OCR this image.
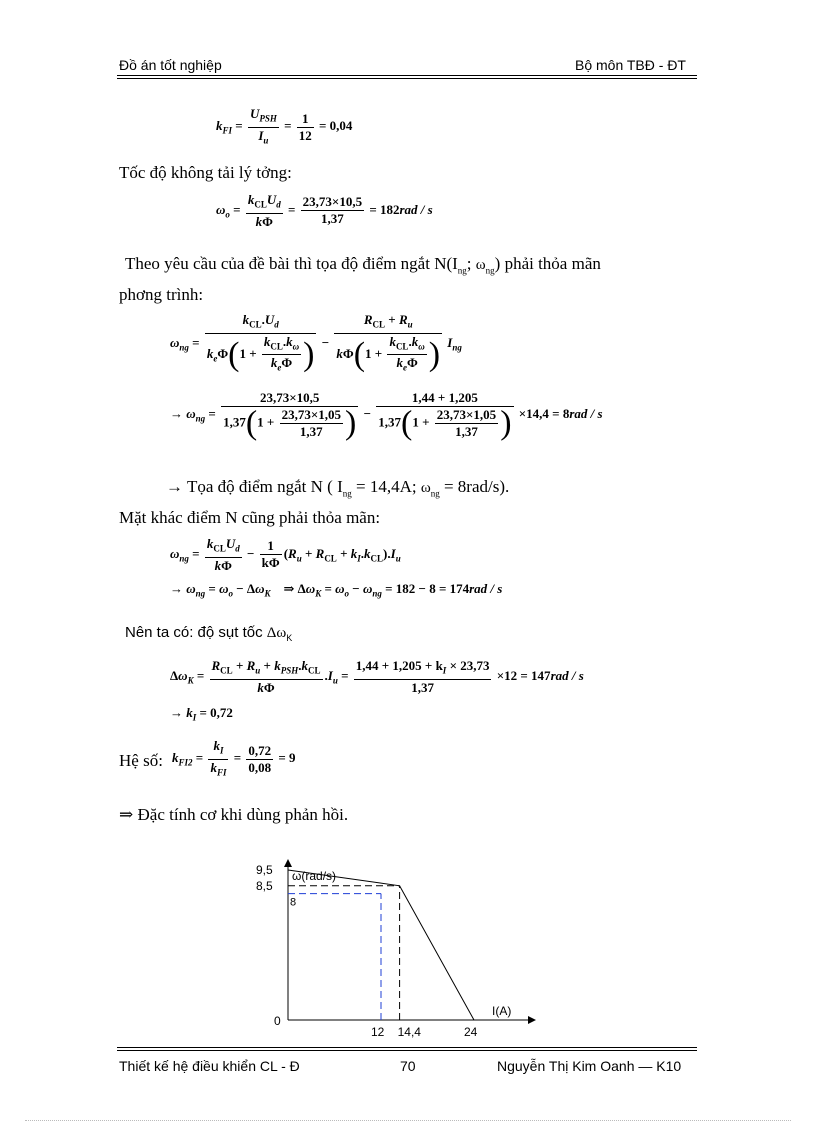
Đồ án tốt nghiệp	Bộ môn TBĐ - ĐT
$k_{FI} = \frac{U_{PSH}}{I_u} = \frac{1}{12} = 0,04$
Tốc độ không tải lý tởng:
$\omega_o = \frac{k_{CL}U_d}{k\Phi} = \frac{23,73\times 10,5}{1,37} = 182rad / s$
Theo yêu cầu của đề bài thì tọa độ điểm ngắt $N(I_{ng}$; $\omega_{ng}$) phải thỏa mãn
phơng trình:
$\omega_{ng} = \frac{k_{CL}.U_d}{k_e\Phi(1 + \frac{k_{CL}.k_\omega}{k_e\Phi} )} - \frac{R_{CL} + R_u}{k\Phi(1 + \frac{k_{CL}.k_\omega}{k_e\Phi} )} I_{ng}$
→ $\omega_{ng} = \frac{23,73\times 10,5}{1,37(1 + \frac{23,73\times 1,05}{1,37} )} - \frac{1,44 + 1,205}{1,37(1 + \frac{23,73\times 1,05}{1,37} )} \times 14,4 = 8rad / s$
→ Tọa độ điểm ngắt N ( $I_{ng} = 14,4A$; $\omega_{ng} = 8rad/s$).
Mặt khác điểm N cũng phải thỏa mãn:
$\omega_{ng} = \frac{k_{CL}U_d}{k\Phi} - \frac{1}{k\Phi} (R_u + R_{CL} + k_I.k_{CL}).I_u$
→ $\omega_{ng} = \omega_o - \Delta\omega_K$    ⇒ $\Delta\omega_K = \omega_o - \omega_{ng} = 182 - 8 = 174rad / s$
Nên ta có: độ sụt tốc $\Delta\omega_K$
$\Delta\omega_K = \frac{R_{CL} + R_u + k_{PSH}.k_{CL}}{k\Phi} .I_u = \frac{1,44 + 1,205 + k_I \times 23,73}{1,37} \times 12 = 147rad / s$
→ $k_I = 0,72$
Hệ số: $k_{FI2} = \frac{k_I}{k_{FI}} = \frac{0,72}{0,08} = 9$
⇒ Đặc tính cơ khi dùng phản hồi.
9,5
8,5
8
0
12 14,4	24
ω(rad/s)
I(A)
Thiết kế hệ điều khiển CL - Đ	70	Nguyễn Thị Kim Oanh — K10
